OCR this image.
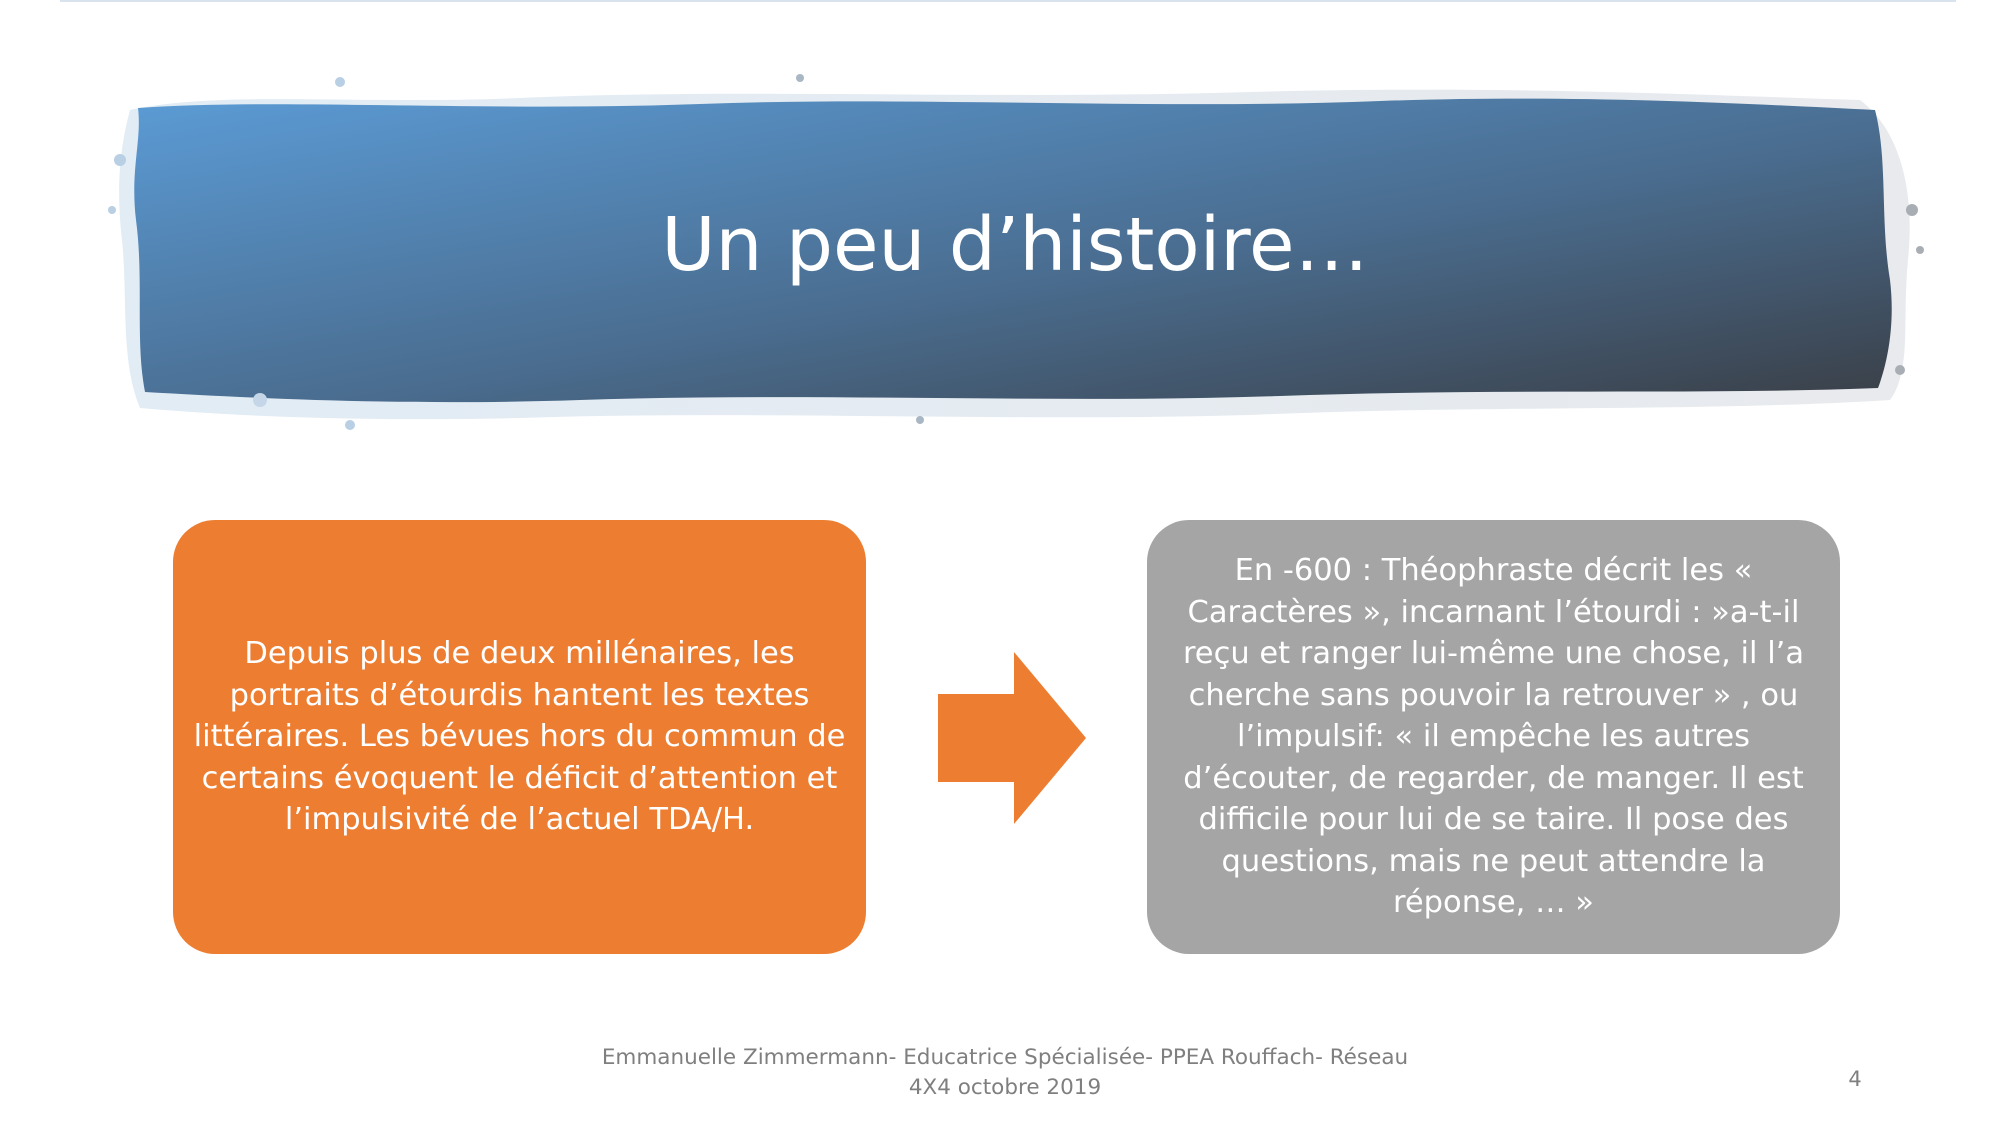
Un peu d’histoire…
Depuis plus de deux millénaires, les portraits d’étourdis hantent les textes littéraires. Les bévues hors du commun de certains évoquent le déficit d’attention et l’impulsivité de l’actuel TDA/H.
En -600 : Théophraste décrit les « Caractères », incarnant l’étourdi : »a-t-il reçu et ranger lui-même une chose, il l’a cherche sans pouvoir la retrouver » , ou l’impulsif: « il empêche les autres d’écouter, de regarder, de manger. Il est difficile pour lui de se taire. Il pose des questions, mais ne peut attendre la réponse, … »
Emmanuelle Zimmermann- Educatrice Spécialisée- PPEA Rouffach- Réseau
4X4 octobre 2019	4
